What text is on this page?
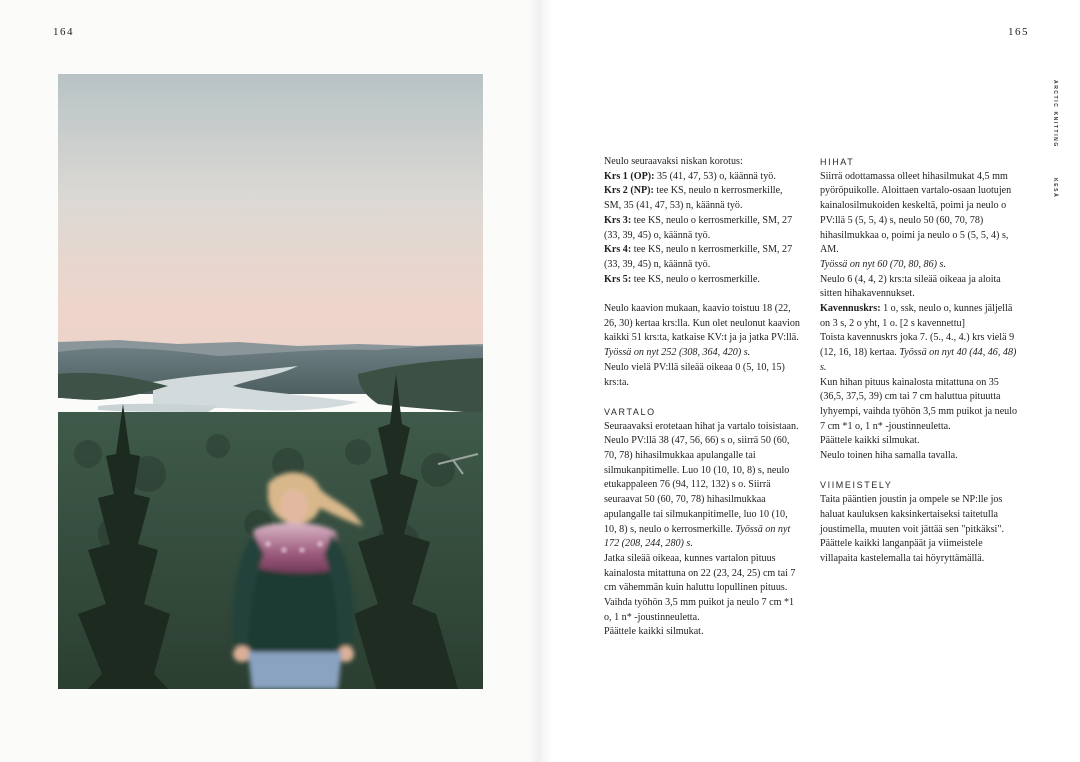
164	165
ARCTIC KNITTING
KESÄ

Neulo seuraavaksi niskan korotus:

Krs 1 (OP): 35 (41, 47, 53) o, käännä työ.

Krs 2 (NP): tee KS, neulo n kerrosmerkille, SM, 35 (41, 47, 53) n, käännä työ.

Krs 3: tee KS, neulo o kerrosmerkille, SM, 27 (33, 39, 45) o, käännä työ.

Krs 4: tee KS, neulo n kerrosmerkille, SM, 27 (33, 39, 45) n, käännä työ.

Krs 5: tee KS, neulo o kerrosmerkille.

Neulo kaavion mukaan, kaavio toistuu 18 (22, 26, 30) kertaa krs:lla. Kun olet neulonut kaavion kaikki 51 krs:ta, katkaise KV:t ja ja jatka PV:llä.

Työssä on nyt 252 (308, 364, 420) s.

Neulo vielä PV:llä sileää oikeaa 0 (5, 10, 15) krs:ta.

VARTALO

Seuraavaksi erotetaan hihat ja vartalo toisistaan. Neulo PV:llä 38 (47, 56, 66) s o, siirrä 50 (60, 70, 78) hihasilmukkaa apulangalle tai silmukanpitimelle. Luo 10 (10, 10, 8) s, neulo etukappaleen 76 (94, 112, 132) s o. Siirrä seuraavat 50 (60, 70, 78) hihasilmukkaa apulangalle tai silmukanpitimelle, luo 10 (10, 10, 8) s, neulo o kerrosmerkille. Työssä on nyt 172 (208, 244, 280) s.

Jatka sileää oikeaa, kunnes vartalon pituus kainalosta mitattuna on 22 (23, 24, 25) cm tai 7 cm vähemmän kuin haluttu lopullinen pituus. Vaihda työhön 3,5 mm puikot ja neulo 7 cm *1 o, 1 n* -joustinneuletta.

Päättele kaikki silmukat.

HIHAT

Siirrä odottamassa olleet hihasilmukat 4,5 mm pyöröpuikolle. Aloittaen vartalo-osaan luotujen kainalosilmukoiden keskeltä, poimi ja neulo o PV:llä 5 (5, 5, 4) s, neulo 50 (60, 70, 78) hihasilmukkaa o, poimi ja neulo o 5 (5, 5, 4) s, AM.

Työssä on nyt 60 (70, 80, 86) s.

Neulo 6 (4, 4, 2) krs:ta sileää oikeaa ja aloita sitten hihakavennukset.

Kavennuskrs: 1 o, ssk, neulo o, kunnes jäljellä on 3 s, 2 o yht, 1 o. [2 s kavennettu]

Toista kavennuskrs joka 7. (5., 4., 4.) krs vielä 9 (12, 16, 18) kertaa. Työssä on nyt 40 (44, 46, 48) s.

Kun hihan pituus kainalosta mitattuna on 35 (36,5, 37,5, 39) cm tai 7 cm haluttua pituutta lyhyempi, vaihda työhön 3,5 mm puikot ja neulo 7 cm *1 o, 1 n* -joustinneuletta.

Päättele kaikki silmukat.

Neulo toinen hiha samalla tavalla.

VIIMEISTELY

Taita pääntien joustin ja ompele se NP:lle jos haluat kauluksen kaksinkertaiseksi taitetulla joustimella, muuten voit jättää sen "pitkäksi". Päättele kaikki langanpäät ja viimeistele villapaita kastelemalla tai höyryttämällä.
